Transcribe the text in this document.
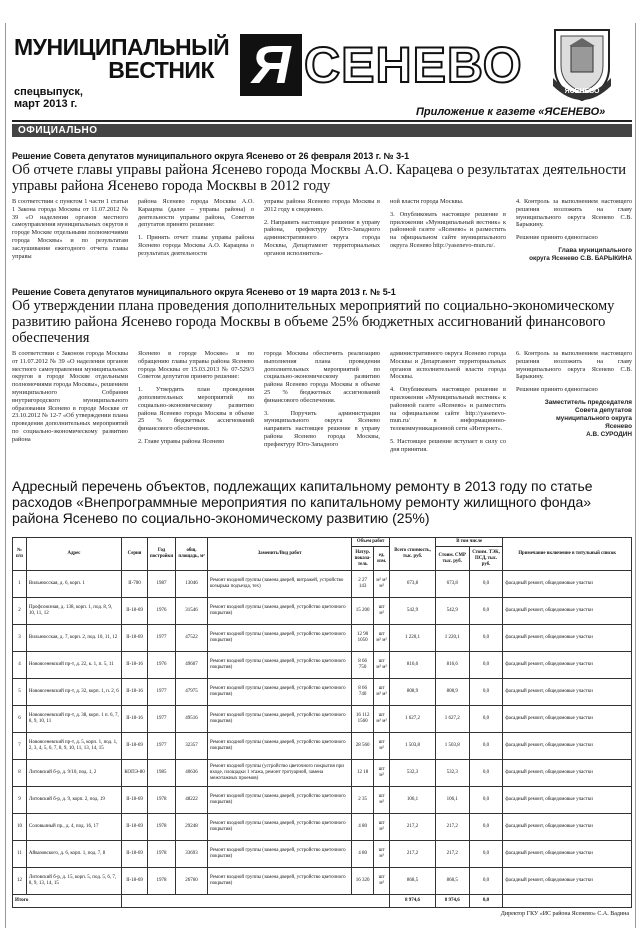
МУНИЦИПАЛЬНЫЙ

ВЕСТНИК
спецвыпуск,
март 2013 г.
Я СЕНЕВО	ЯСЕНЕВО
Приложение к газете «ЯСЕНЕВО»
ОФИЦИАЛЬНО
Решение Совета депутатов муниципального округа Ясенево от 26 февраля 2013 г. № 3-1
Об отчете главы управы района Ясенево города Москвы А.О. Карацева о результатах деятельности управы района Ясенево города Москвы в 2012 году

В соответствии с пунктом 1 части 1 статьи 1 Закона города Москвы от 11.07.2012 № 39 «О наделении органов местного самоуправления муниципальных округов в городе Москве отдельными полномочиями города Москвы» и по результатам заслушивания ежегодного отчета главы управы

района Ясенево города Москвы А.О. Карацева (далее – управы района) о деятельности управы района, Советом депутатов принято решение:

1. Принять отчет главы управы района Ясенево города Москвы А.О. Карацева о результатах деятельности

управы района Ясенево города Москвы в 2012 году к сведению.

2. Направить настоящее решение в управу района, префектуру Юго-Западного административного округа города Москвы, Департамент территориальных органов исполнитель-

ной власти города Москвы.

3. Опубликовать настоящее решение в приложении «Муниципальный вестник» к районной газете «Ясенево» и разместить на официальном сайте муниципального округа Ясенево http://yasenevo-mun.ru/.

4. Контроль за выполнением настоящего решения возложить на главу муниципального округа Ясенево С.В. Барыкину.

Решение принято единогласно

Глава муниципального
округа Ясенево С.В. БАРЫКИНА
Решение Совета депутатов муниципального округа Ясенево от 19 марта 2013 г. № 5-1
Об утверждении плана проведения дополнительных мероприятий по социально-экономическому развитию района Ясенево города Москвы в объеме 25% бюджетных ассигнований финансового обеспечения

В соответствии с Законом города Москвы от 11.07.2012 № 39 «О наделении органов местного самоуправления муниципальных округов в городе Москве отдельными полномочиями города Москвы», решением муниципального Собрания внутригородского муниципального образования Ясенево в городе Москве от 23.10.2012 № 12-7 «Об утверждении плана проведения дополнительных мероприятий по социально-экономическому развитию района

Ясенево в городе Москве» и по обращению главы управы района Ясенево города Москвы от 15.03.2013 № 07-529/3 Советом депутатов принято решение:

1. Утвердить план проведения дополнительных мероприятий по социально-экономическому развитию района Ясенево города Москвы в объеме 25 % бюджетных ассигнований финансового обеспечения.

2. Главе управы района Ясенево

города Москвы обеспечить реализацию выполнения плана проведения дополнительных мероприятий по социально-экономическому развитию района Ясенево города Москвы в объеме 25 % бюджетных ассигнований финансового обеспечения.

3. Поручить администрации муниципального округа Ясенево направить настоящее решение в управу района Ясенево города Москвы, префектуру Юго-Западного

административного округа Ясенево города Москвы и Департамент территориальных органов исполнительной власти города Москвы.

4. Опубликовать настоящее решение в приложении «Муниципальный вестник» к районной газете «Ясенево» и разместить на официальном сайте http://yasenevo-mun.ru/ в информационно-телекоммуникационной сети «Интернет».

5. Настоящее решение вступает в силу со дня принятия.

6. Контроль за выполнением настоящего решения возложить на главу муниципального округа Ясенево С.В. Барыкину.

Решение принято единогласно

Заместитель председателя
Совета депутатов
муниципального округа
Ясенево
А.В. СУРОДИН
Адресный перечень объектов, подлежащих капитальному ремонту в 2013 году по статье расходов «Внепрограммные мероприятия по капитальному ремонту жилищного фонда» района Ясенево по социально-экономическому развитию (25%)
№ п/п	Адрес	Серия	Год постройки	общ. площадь, м²	Заменить/Вид работ	Объем работ		Всего стоимость, тыс. руб.	В том числе		Примечание включение в титульный список
						Натур. показа-тель	ед. изм.		Стоим. СМР тыс. руб.	Стоим. ТЭК, ПСД, тыс. руб.	
1	Вильнюсская, д. 6, корп. 1	II-700	1987	13046	Ремонт входной группы (замена дверей, витражей, устройство козырька подъезда, тех)	2 27 143	м² м² м²	673,8	673,8	0,0	фасадный ремонт, общедомовые участки
2	Профсоюзная, д. 138, корп. 1, под. 8, 9, 10, 11, 12	II-18-69	1976	31546	Ремонт входной группы (замена дверей, устройство цветочного покрытия)	15 200	шт м²	542,9	542,9	0,0	фасадный ремонт, общедомовые участки
3	Вильнюсская, д. 7, корп. 2, под. 10, 11, 12	II-18-69	1977	47522	Ремонт входной группы (замена дверей, устройство цветочного покрытия)	12 90 1050	шт м² м²	1 220,1	1 220,1	0,0	фасадный ремонт, общедомовые участки
4	Новоясеневский пр-т, д. 22, к. 1, п. 5, 11	II-18-16	1976	49607	Ремонт входной группы (замена дверей, устройство цветочного покрытия)	8 66 750	шт м² м²	816,6	816,6	0,0	фасадный ремонт, общедомовые участки
5	Новоясеневский пр-т, д. 32, корп. 1, п. 2, 6	II-18-16	1977	47975	Ремонт входной группы (замена дверей, устройство цветочного покрытия)	8 66 740	шт м² м²	808,9	808,9	0,0	фасадный ремонт, общедомовые участки
6	Новоясеневский пр-т, д. 38, корп. 1 п. 6, 7, 8, 9, 10, 11	II-18-16	1977	49516	Ремонт входной группы (замена дверей, устройство цветочного покрытия)	16 112 1560	шт м² м²	1 627,2	1 627,2	0,0	фасадный ремонт, общедомовые участки
7	Новоясеневский пр-т, д. 5, корп. 1, под. 1, 2, 3, 4, 5, 6, 7, 8, 9, 10, 11, 13, 14, 15	II-18-69	1977	32357	Ремонт входной группы (замена дверей, устройство цветочного покрытия)	28 560	шт м²	1 503,8	1 503,8	0,0	фасадный ремонт, общедомовые участки
8	Литовский б-р, д. 9/10, под. 1, 2	КОПЭ-80	1985	40636	Ремонт входной группы (устройство цветочного покрытия при входе, площадки 1 этажа, ремонт тротуарной, замена межэтажных проемов)	12 18	шт м²	532,3	532,3	0,0	фасадный ремонт, общедомовые участки
9	Литовский б-р, д. 9, корп. 2, под. 19	II-18-69	1978	48222	Ремонт входной группы (замена дверей, устройство цветочного покрытия)	2 35	шт м²	106,1	106,1	0,0	фасадный ремонт, общедомовые участки
10	Соловьиный пр., д. 4, под. 16, 17	II-18-69	1978	29248	Ремонт входной группы (замена дверей, устройство цветочного покрытия)	4 80	шт м²	217,2	217,2	0,0	фасадный ремонт, общедомовые участки
11	Айвазовского, д. 6, корп. 1, под. 7, 8	II-18-69	1978	33693	Ремонт входной группы (замена дверей, устройство цветочного покрытия)	4 80	шт м²	217,2	217,2	0,0	фасадный ремонт, общедомовые участки
12	Литовский б-р, д. 15, корп. 5, под. 5, 6, 7, 8, 9, 13, 14, 15	II-18-69	1978	26760	Ремонт входной группы (замена дверей, устройство цветочного покрытия)	16 320	шт м²	868,5	868,5	0,0	фасадный ремонт, общедомовые участки
Итого								8 974,6	8 974,6	0,0	
Директор ГКУ «ИС района Ясенево» С.А. Вадина
